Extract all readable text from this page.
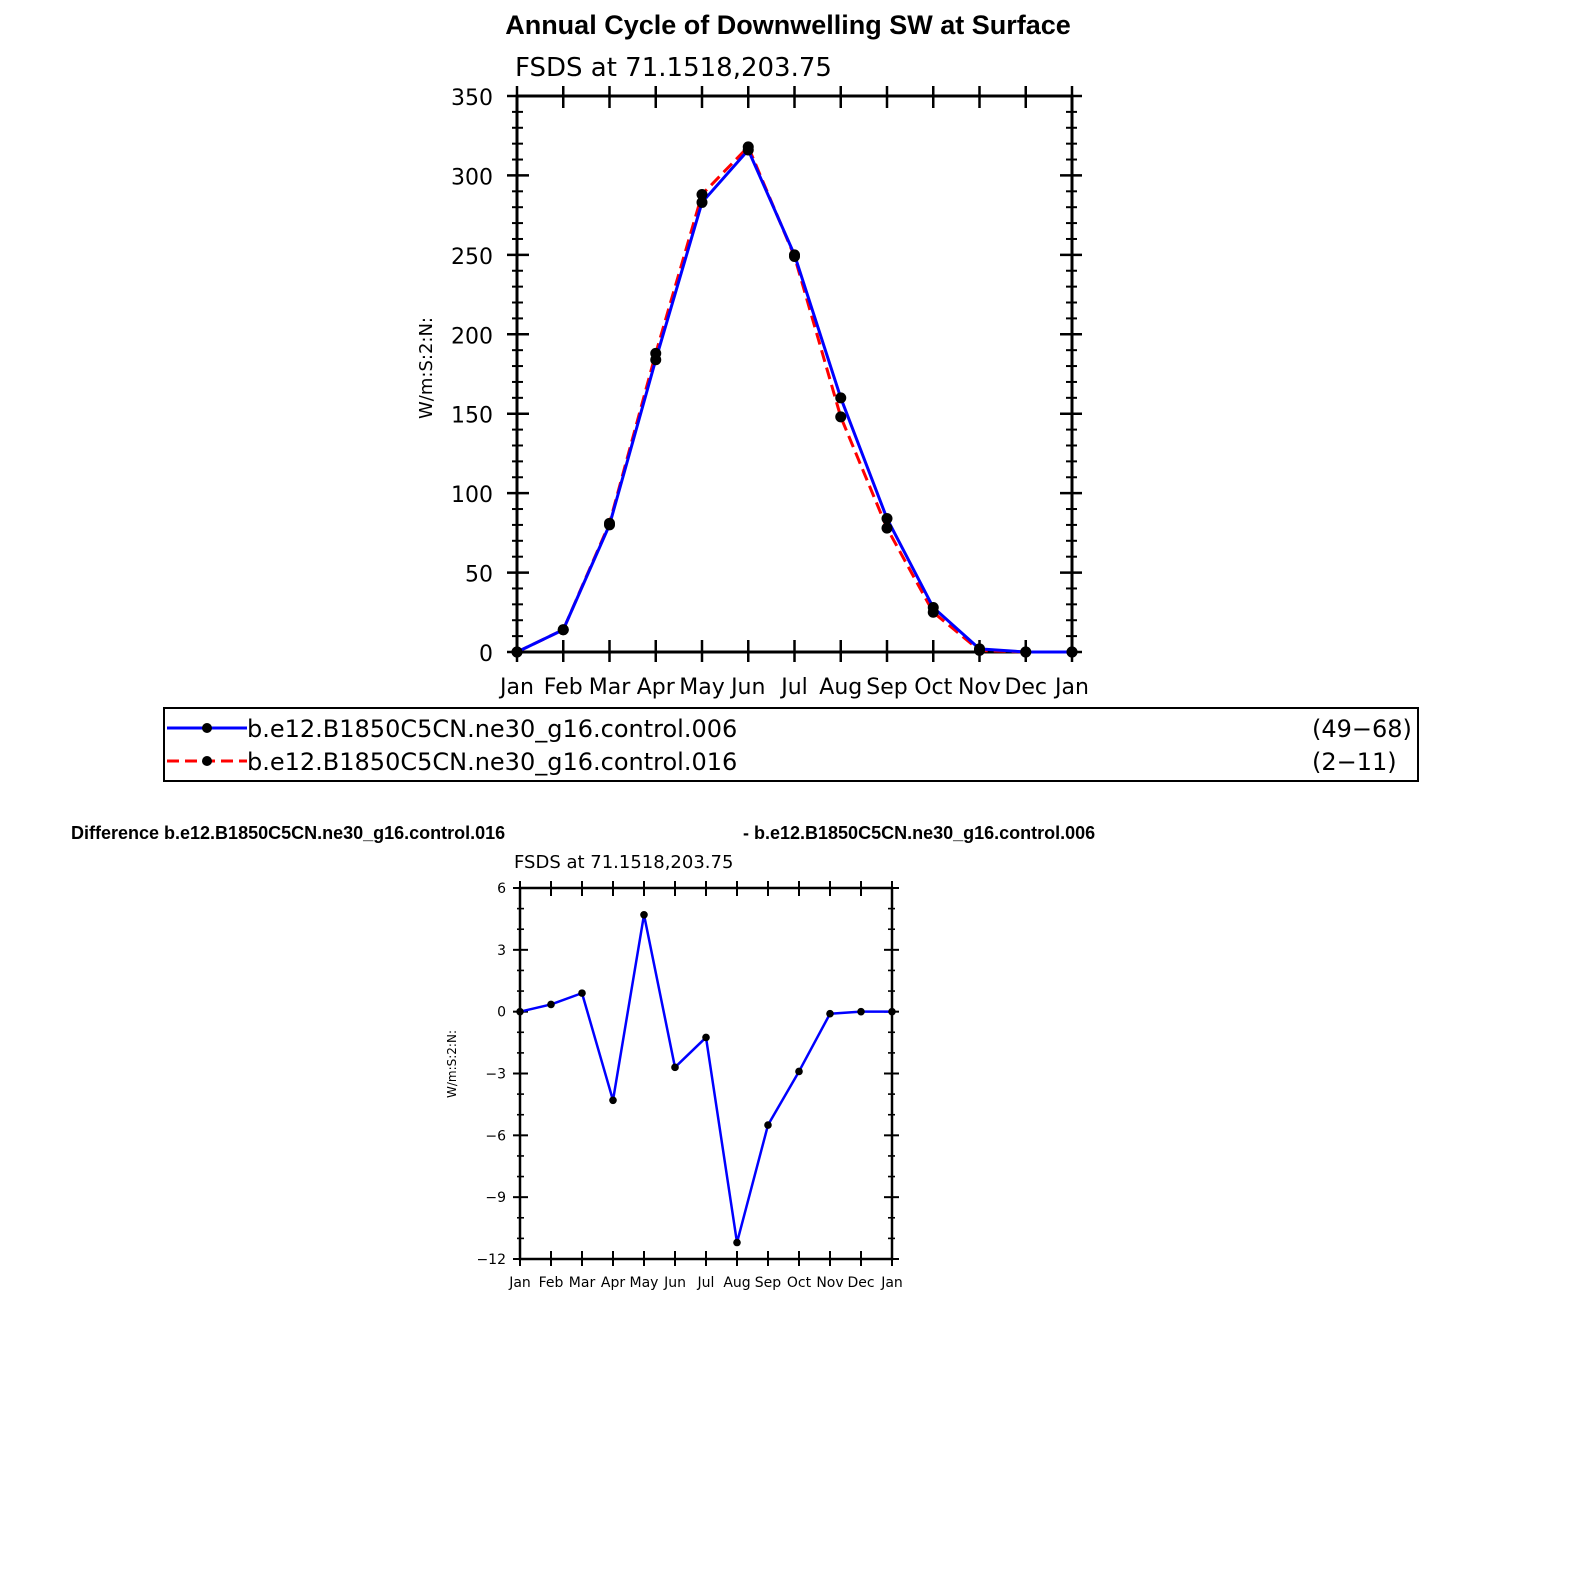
Annual Cycle of Downwelling SW at Surface
FSDS at 71.1518,203.75
W/m:S:2:N:
Jan Feb Mar Apr May Jun Jul Aug Sep Oct Nov Dec Jan
0
50
100
150
200
250
300
350
b.e12.B1850C5CN.ne30_g16.control.006	(49−68)
b.e12.B1850C5CN.ne30_g16.control.016	(2−11)
Difference b.e12.B1850C5CN.ne30_g16.control.016	- b.e12.B1850C5CN.ne30_g16.control.006
FSDS at 71.1518,203.75
W/m:S:2:N:
Jan Feb Mar Apr May Jun Jul Aug Sep Oct Nov Dec Jan
−12
−9
−6
−3
0
3
6
